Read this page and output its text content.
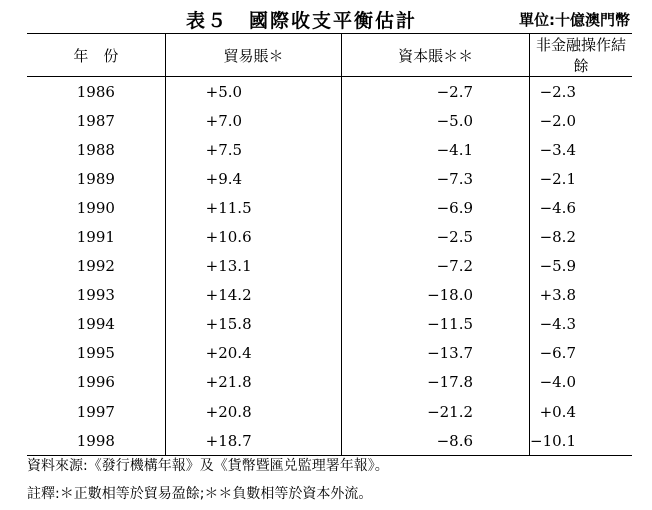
表５　國際收支平衡估計	單位:十億澳門幣
年　份	貿易賬＊	資本賬＊＊	非金融操作結餘
1986	+5.0	−2.7	−2.3
1987	+7.0	−5.0	−2.0
1988	+7.5	−4.1	−3.4
1989	+9.4	−7.3	−2.1
1990	+11.5	−6.9	−4.6
1991	+10.6	−2.5	−8.2
1992	+13.1	−7.2	−5.9
1993	+14.2	−18.0	+3.8
1994	+15.8	−11.5	−4.3
1995	+20.4	−13.7	−6.7
1996	+21.8	−17.8	−4.0
1997	+20.8	−21.2	+0.4
1998	+18.7	−8.6	−10.1
資料來源:《發行機構年報》及《貨幣暨匯兑監理署年報》。
註釋:＊正數相等於貿易盈餘;＊＊負數相等於資本外流。
